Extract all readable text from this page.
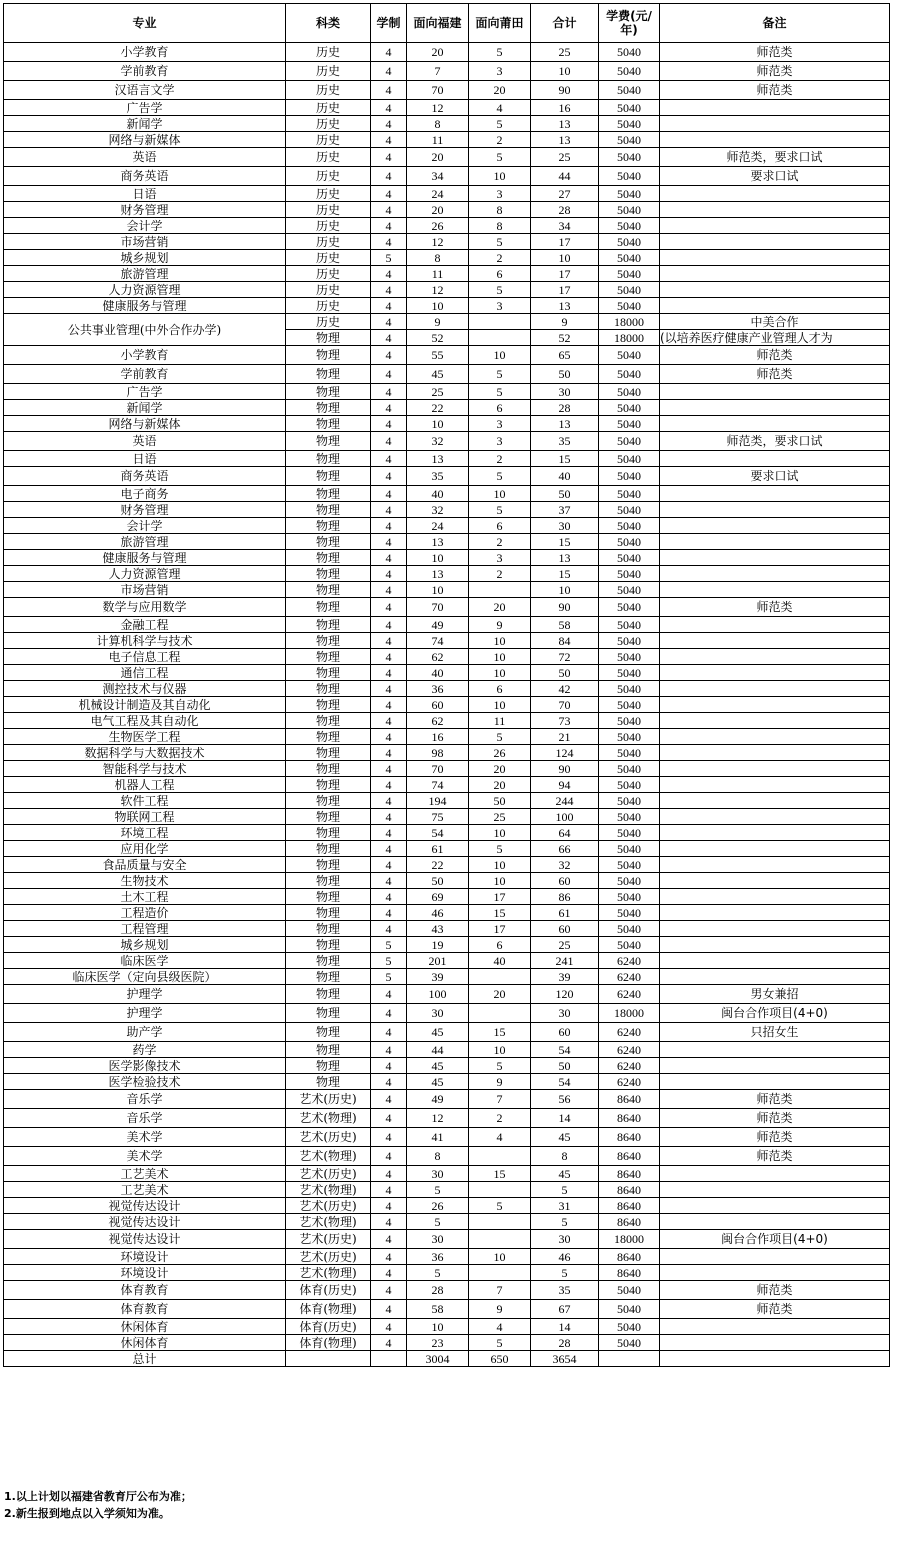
专业	科类	学制	面向福建	面向莆田	合计	学费(元/年)	备注
小学教育	历史	4	20	5	25	5040	师范类
学前教育	历史	4	7	3	10	5040	师范类
汉语言文学	历史	4	70	20	90	5040	师范类
广告学	历史	4	12	4	16	5040	
新闻学	历史	4	8	5	13	5040	
网络与新媒体	历史	4	11	2	13	5040	
英语	历史	4	20	5	25	5040	师范类，要求口试
商务英语	历史	4	34	10	44	5040	要求口试
日语	历史	4	24	3	27	5040	
财务管理	历史	4	20	8	28	5040	
会计学	历史	4	26	8	34	5040	
市场营销	历史	4	12	5	17	5040	
城乡规划	历史	5	8	2	10	5040	
旅游管理	历史	4	11	6	17	5040	
人力资源管理	历史	4	12	5	17	5040	
健康服务与管理	历史	4	10	3	13	5040	
公共事业管理(中外合作办学)	历史	4	9		9	18000	中美合作
	物理	4	52		52	18000	(以培养医疗健康产业管理人才为
小学教育	物理	4	55	10	65	5040	师范类
学前教育	物理	4	45	5	50	5040	师范类
广告学	物理	4	25	5	30	5040	
新闻学	物理	4	22	6	28	5040	
网络与新媒体	物理	4	10	3	13	5040	
英语	物理	4	32	3	35	5040	师范类，要求口试
日语	物理	4	13	2	15	5040	
商务英语	物理	4	35	5	40	5040	要求口试
电子商务	物理	4	40	10	50	5040	
财务管理	物理	4	32	5	37	5040	
会计学	物理	4	24	6	30	5040	
旅游管理	物理	4	13	2	15	5040	
健康服务与管理	物理	4	10	3	13	5040	
人力资源管理	物理	4	13	2	15	5040	
市场营销	物理	4	10		10	5040	
数学与应用数学	物理	4	70	20	90	5040	师范类
金融工程	物理	4	49	9	58	5040	
计算机科学与技术	物理	4	74	10	84	5040	
电子信息工程	物理	4	62	10	72	5040	
通信工程	物理	4	40	10	50	5040	
测控技术与仪器	物理	4	36	6	42	5040	
机械设计制造及其自动化	物理	4	60	10	70	5040	
电气工程及其自动化	物理	4	62	11	73	5040	
生物医学工程	物理	4	16	5	21	5040	
数据科学与大数据技术	物理	4	98	26	124	5040	
智能科学与技术	物理	4	70	20	90	5040	
机器人工程	物理	4	74	20	94	5040	
软件工程	物理	4	194	50	244	5040	
物联网工程	物理	4	75	25	100	5040	
环境工程	物理	4	54	10	64	5040	
应用化学	物理	4	61	5	66	5040	
食品质量与安全	物理	4	22	10	32	5040	
生物技术	物理	4	50	10	60	5040	
土木工程	物理	4	69	17	86	5040	
工程造价	物理	4	46	15	61	5040	
工程管理	物理	4	43	17	60	5040	
城乡规划	物理	5	19	6	25	5040	
临床医学	物理	5	201	40	241	6240	
临床医学（定向县级医院）	物理	5	39		39	6240	
护理学	物理	4	100	20	120	6240	男女兼招
护理学	物理	4	30		30	18000	闽台合作项目(4+0)
助产学	物理	4	45	15	60	6240	只招女生
药学	物理	4	44	10	54	6240	
医学影像技术	物理	4	45	5	50	6240	
医学检验技术	物理	4	45	9	54	6240	
音乐学	艺术(历史)	4	49	7	56	8640	师范类
音乐学	艺术(物理)	4	12	2	14	8640	师范类
美术学	艺术(历史)	4	41	4	45	8640	师范类
美术学	艺术(物理)	4	8		8	8640	师范类
工艺美术	艺术(历史)	4	30	15	45	8640	
工艺美术	艺术(物理)	4	5		5	8640	
视觉传达设计	艺术(历史)	4	26	5	31	8640	
视觉传达设计	艺术(物理)	4	5		5	8640	
视觉传达设计	艺术(历史)	4	30		30	18000	闽台合作项目(4+0)
环境设计	艺术(历史)	4	36	10	46	8640	
环境设计	艺术(物理)	4	5		5	8640	
体育教育	体育(历史)	4	28	7	35	5040	师范类
体育教育	体育(物理)	4	58	9	67	5040	师范类
休闲体育	体育(历史)	4	10	4	14	5040	
休闲体育	体育(物理)	4	23	5	28	5040	
总计			3004	650	3654		
1.以上计划以福建省教育厅公布为准；
2.新生报到地点以入学须知为准。
